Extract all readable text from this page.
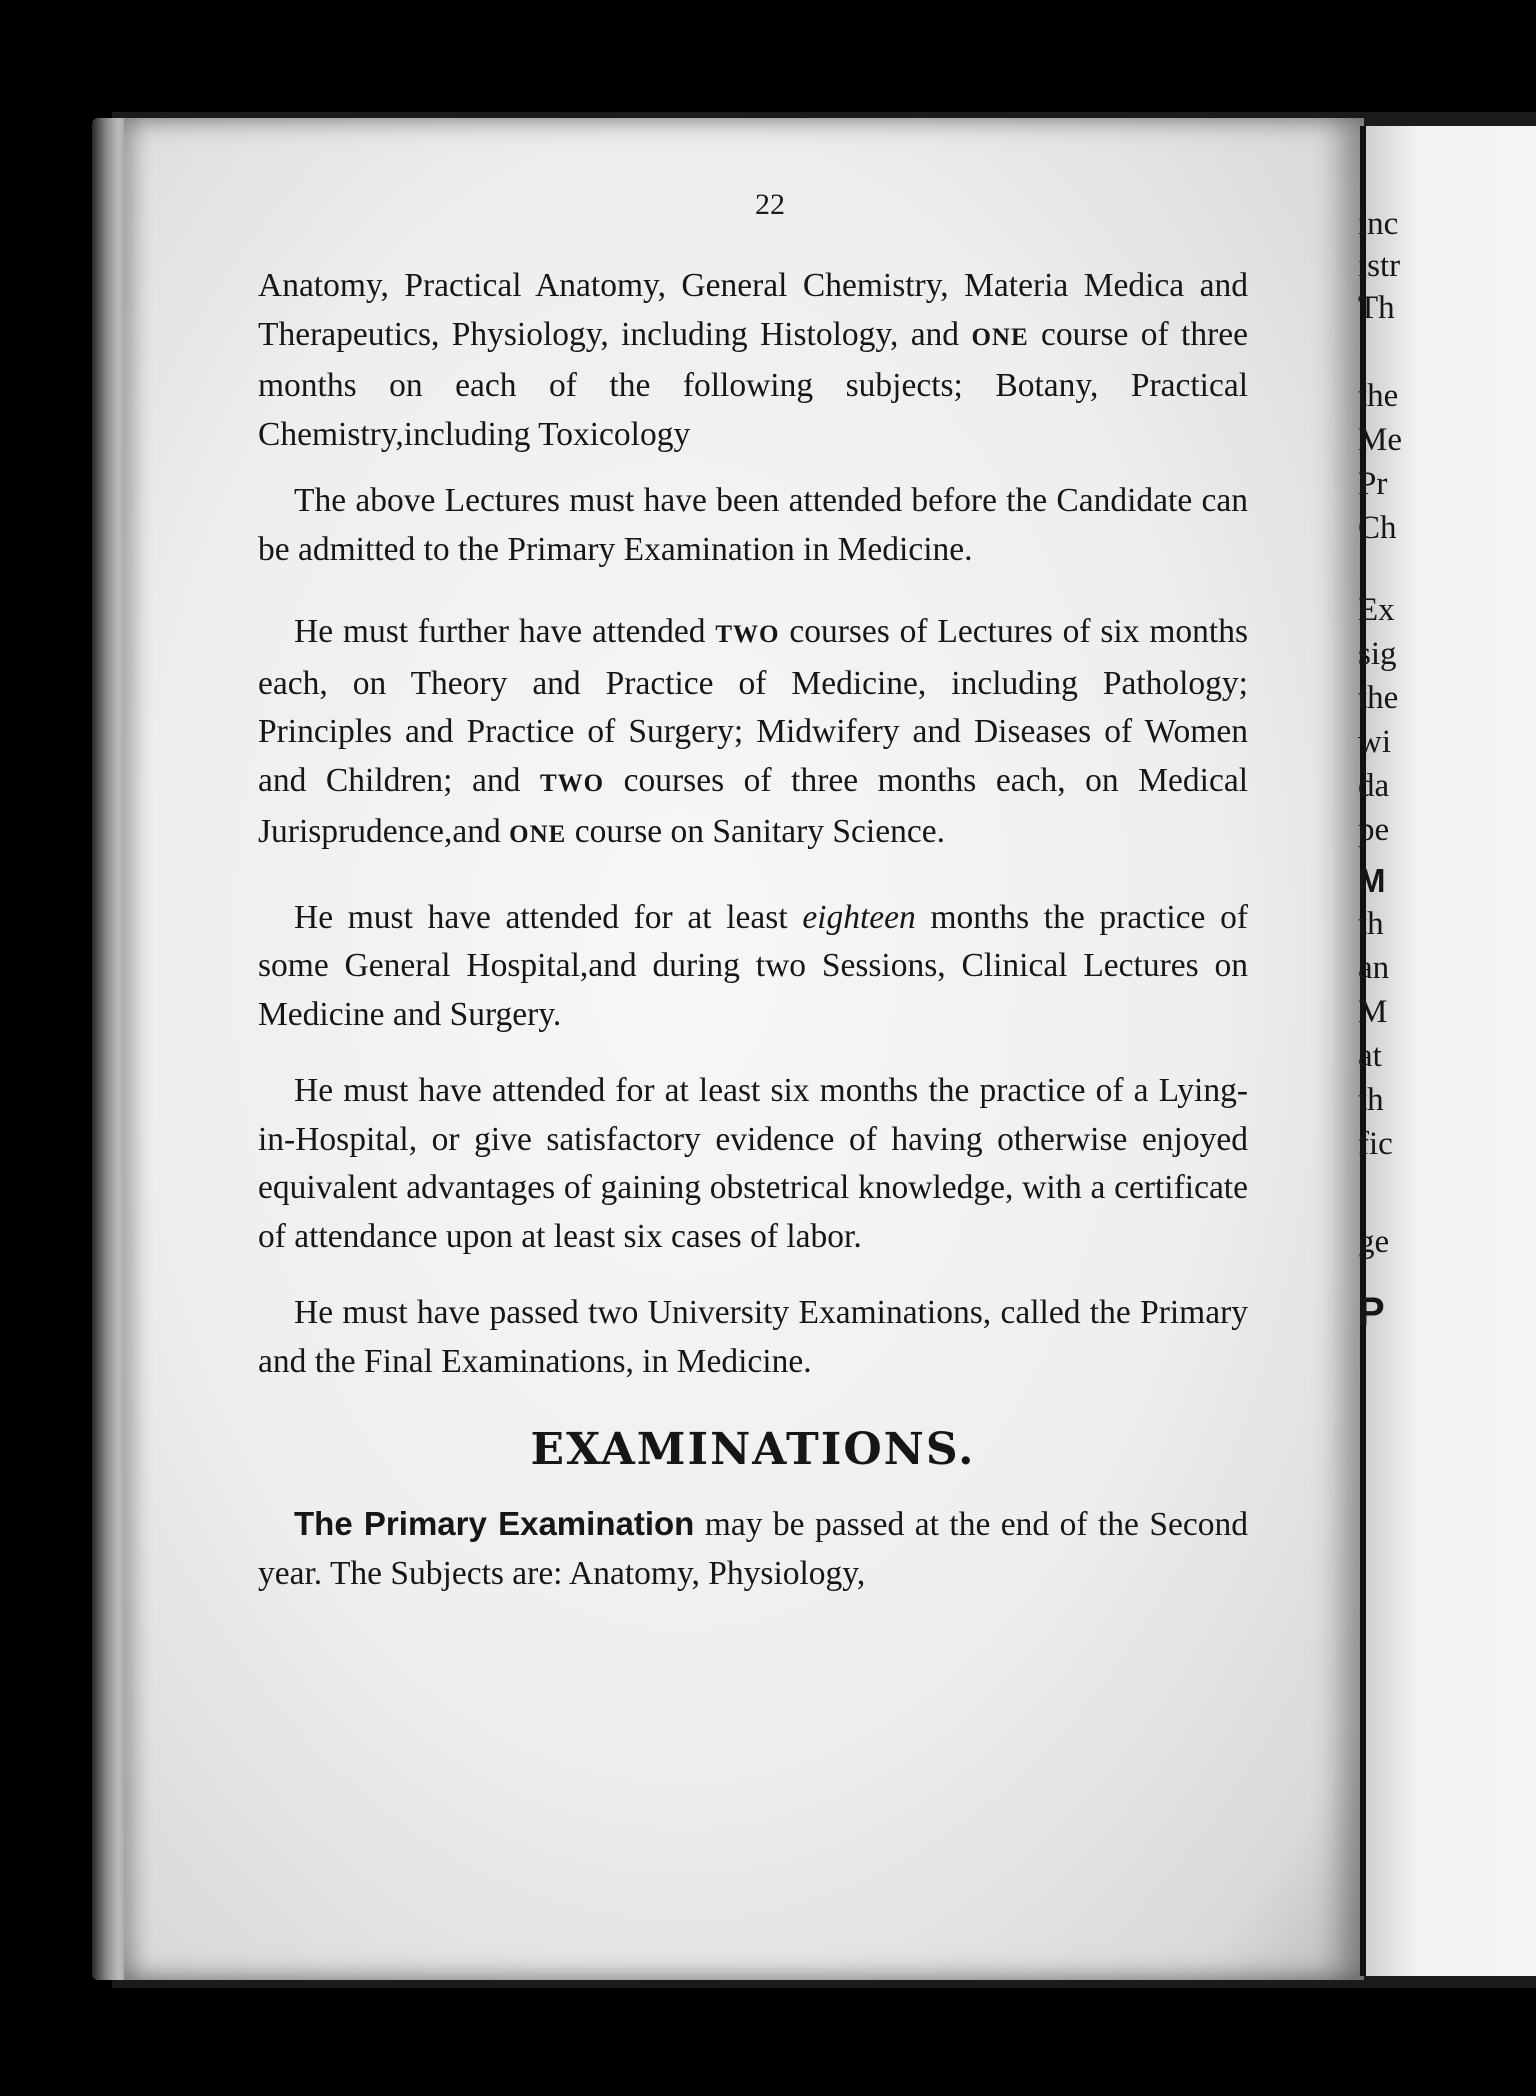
inc
istr
Th
the
Me
Pr
Ch
Ex
sig
the
wi
da
pe
M
th
an
M
at
th
fic
ge
P
22

Anatomy, Practical Anatomy, General Chemistry, Materia Medica and Therapeutics, Physiology, including Histology, and ONE course of three months on each of the following subjects; Botany, Practical Chemistry,including Toxicology

The above Lectures must have been attended before the Candidate can be admitted to the Primary Examination in Medicine.

He must further have attended TWO courses of Lectures of six months each, on Theory and Practice of Medicine, including Pathology; Principles and Practice of Surgery; Midwifery and Diseases of Women and Children; and TWO courses of three months each, on Medical Jurisprudence,and ONE course on Sanitary Science.

He must have attended for at least eighteen months the practice of some General Hospital,and during two Sessions, Clinical Lectures on Medicine and Surgery.

He must have attended for at least six months the practice of a Lying-in-Hospital, or give satisfactory evidence of having otherwise enjoyed equivalent advantages of gaining obstetrical knowledge, with a certificate of attendance upon at least six cases of labor.

He must have passed two University Examinations, called the Primary and the Final Examinations, in Medicine.

EXAMINATIONS.

The Primary Examination may be passed at the end of the Second year. The Subjects are: Anatomy, Physiology,
